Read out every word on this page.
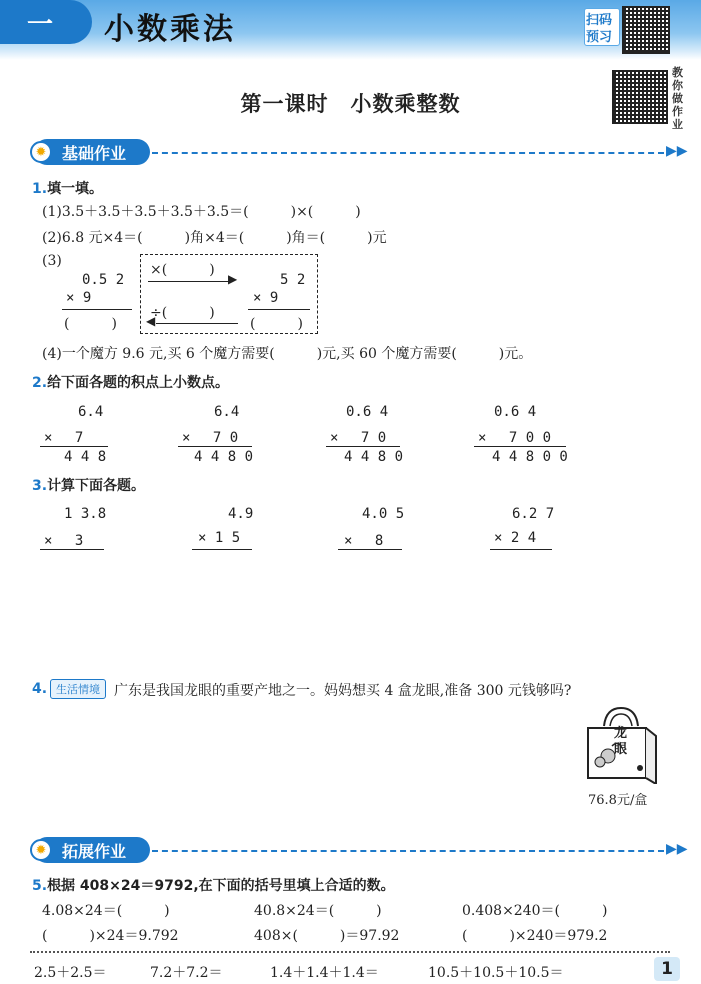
一	小数乘法	扫码
预习
教你做作业
第一课时　小数乘整数
基础作业
✹	▶▶
1.填一填。
(1)3.5＋3.5＋3.5＋3.5＋3.5＝(　　　)×(　　　)
(2)6.8 元×4＝(　　　)角×4＝(　　　)角＝(　　　)元
(3)
0.5 2
× 9
(　　　)
×(　　　)
▶
÷(　　　)
◀
5 2
× 9
(　　　)
(4)一个魔方 9.6 元,买 6 个魔方需要(　　　)元,买 60 个魔方需要(　　　)元。
2.给下面各题的积点上小数点。
6.4
× 　7
4 4 8
6.4
× 　7 0
4 4 8 0
0.6 4
× 　7 0
4 4 8 0
0.6 4
× 　7 0 0
4 4 8 0 0
3.计算下面各题。
1 3.8
× 　3
4.9
× 1 5
4.0 5
× 　8
6.2 7
× 2 4
4. 生活情境	广东是我国龙眼的重要产地之一。妈妈想买 4 盒龙眼,准备 300 元钱够吗?
龙眼
76.8元/盒
拓展作业
✹	▶▶
5.根据 408×24＝9792,在下面的括号里填上合适的数。
4.08×24＝(　　　)	40.8×24＝(　　　)	0.408×240＝(　　　)
(　　　)×24＝9.792	408×(　　　)＝97.92	(　　　)×240＝979.2
2.5＋2.5＝	7.2＋7.2＝	1.4＋1.4＋1.4＝	10.5＋10.5＋10.5＝	1
